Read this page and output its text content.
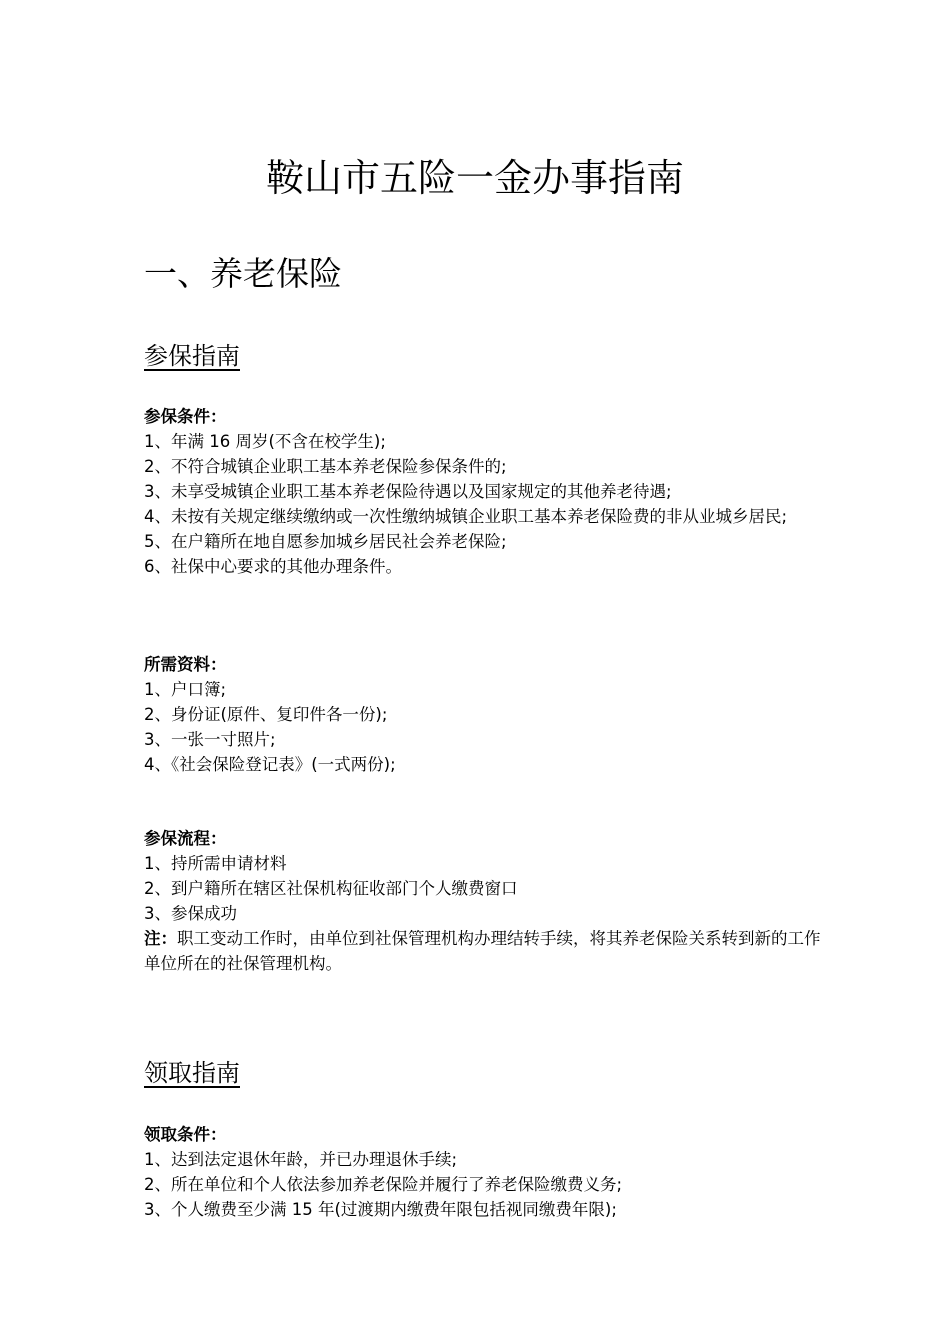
鞍山市五险一金办事指南
一、养老保险
参保指南
参保条件：
1、年满 16 周岁(不含在校学生);
2、不符合城镇企业职工基本养老保险参保条件的;
3、未享受城镇企业职工基本养老保险待遇以及国家规定的其他养老待遇;
4、未按有关规定继续缴纳或一次性缴纳城镇企业职工基本养老保险费的非从业城乡居民;
5、在户籍所在地自愿参加城乡居民社会养老保险;
6、社保中心要求的其他办理条件。
所需资料：
1、户口簿;
2、身份证(原件、复印件各一份);
3、一张一寸照片;
4、《社会保险登记表》(一式两份);
参保流程：
1、持所需申请材料
2、到户籍所在辖区社保机构征收部门个人缴费窗口
3、参保成功
注：职工变动工作时，由单位到社保管理机构办理结转手续，将其养老保险关系转到新的工作单位所在的社保管理机构。
领取指南
领取条件：
1、达到法定退休年龄，并已办理退休手续;
2、所在单位和个人依法参加养老保险并履行了养老保险缴费义务;
3、个人缴费至少满 15 年(过渡期内缴费年限包括视同缴费年限);
